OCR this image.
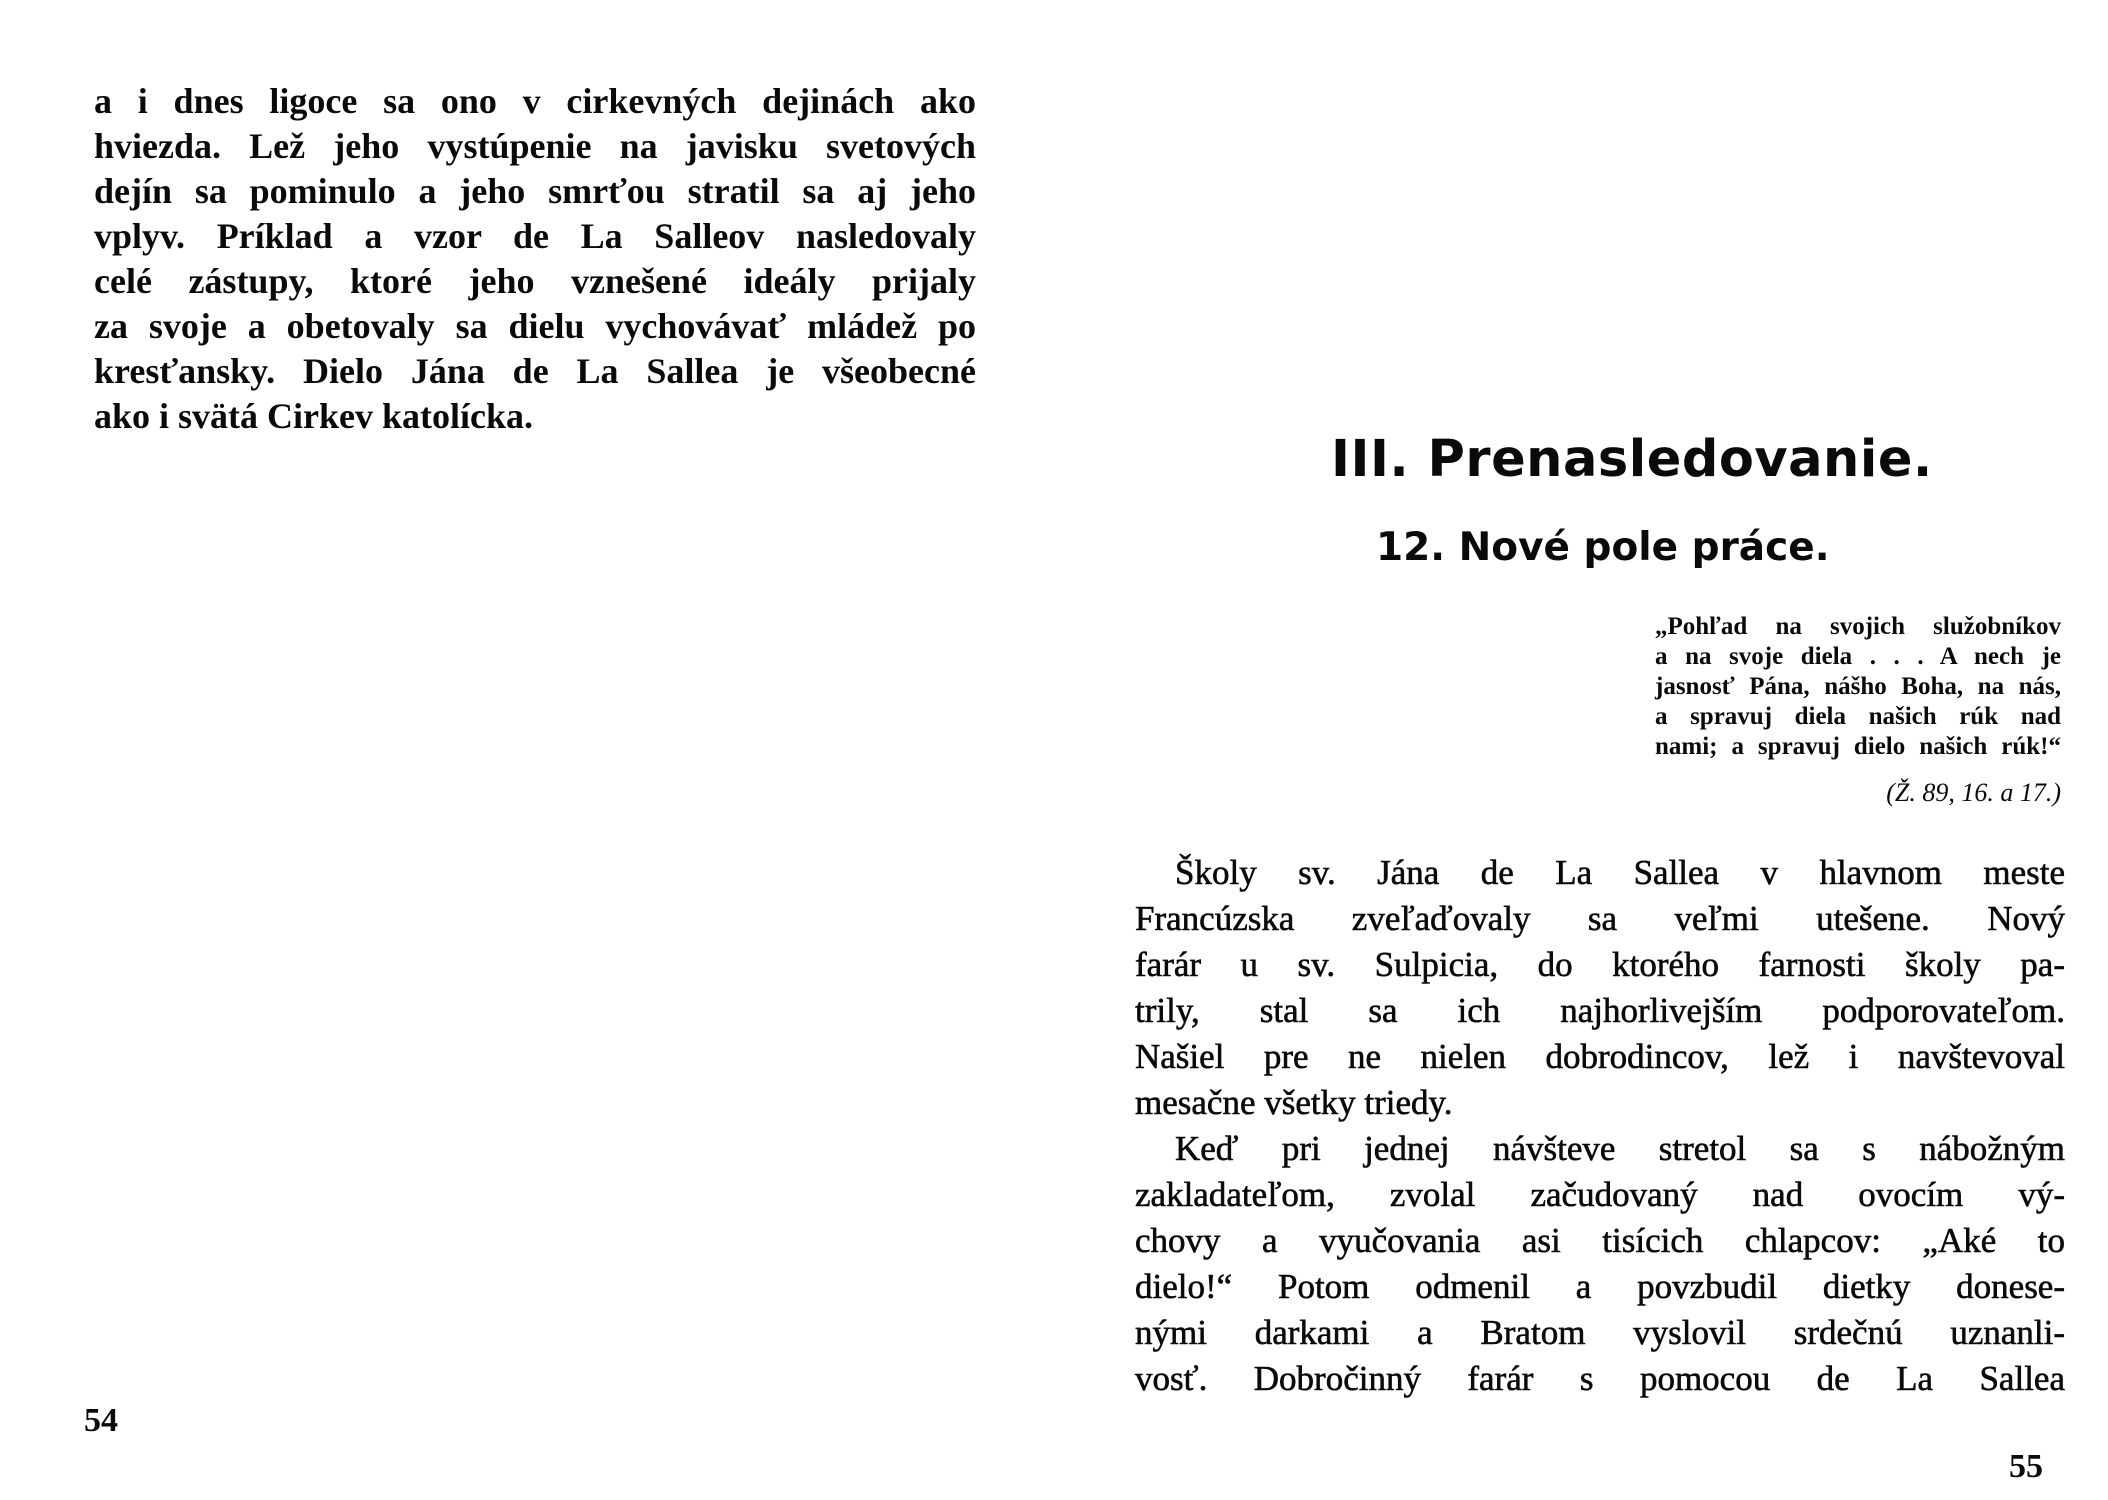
a i dnes ligoce sa ono v cirkevných dejinách ako

hviezda. Lež jeho vystúpenie na javisku svetových

dejín sa pominulo a jeho smrťou stratil sa aj jeho

vplyv. Príklad a vzor de La Salleov nasledovaly

celé zástupy, ktoré jeho vznešené ideály prijaly

za svoje a obetovaly sa dielu vychovávať mládež po

kresťansky. Dielo Jána de La Sallea je všeobecné

ako i svätá Cirkev katolícka.

54

III. Prenasledovanie.
12. Nové pole práce.

„Pohľad na svojich služobníkov

a na svoje diela . . . A nech je

jasnosť Pána, nášho Boha, na nás,

a spravuj diela našich rúk nad

nami; a spravuj dielo našich rúk!“

(Ž. 89, 16. a 17.)

Školy sv. Jána de La Sallea v hlavnom meste

Francúzska zveľaďovaly sa veľmi utešene. Nový

farár u sv. Sulpicia, do ktorého farnosti školy pa-

trily, stal sa ich najhorlivejším podporovateľom.

Našiel pre ne nielen dobrodincov, lež i navštevoval

mesačne všetky triedy.

Keď pri jednej návšteve stretol sa s nábožným

zakladateľom, zvolal začudovaný nad ovocím vý-

chovy a vyučovania asi tisícich chlapcov: „Aké to

dielo!“ Potom odmenil a povzbudil dietky donese-

nými darkami a Bratom vyslovil srdečnú uznanli-

vosť. Dobročinný farár s pomocou de La Sallea

55
